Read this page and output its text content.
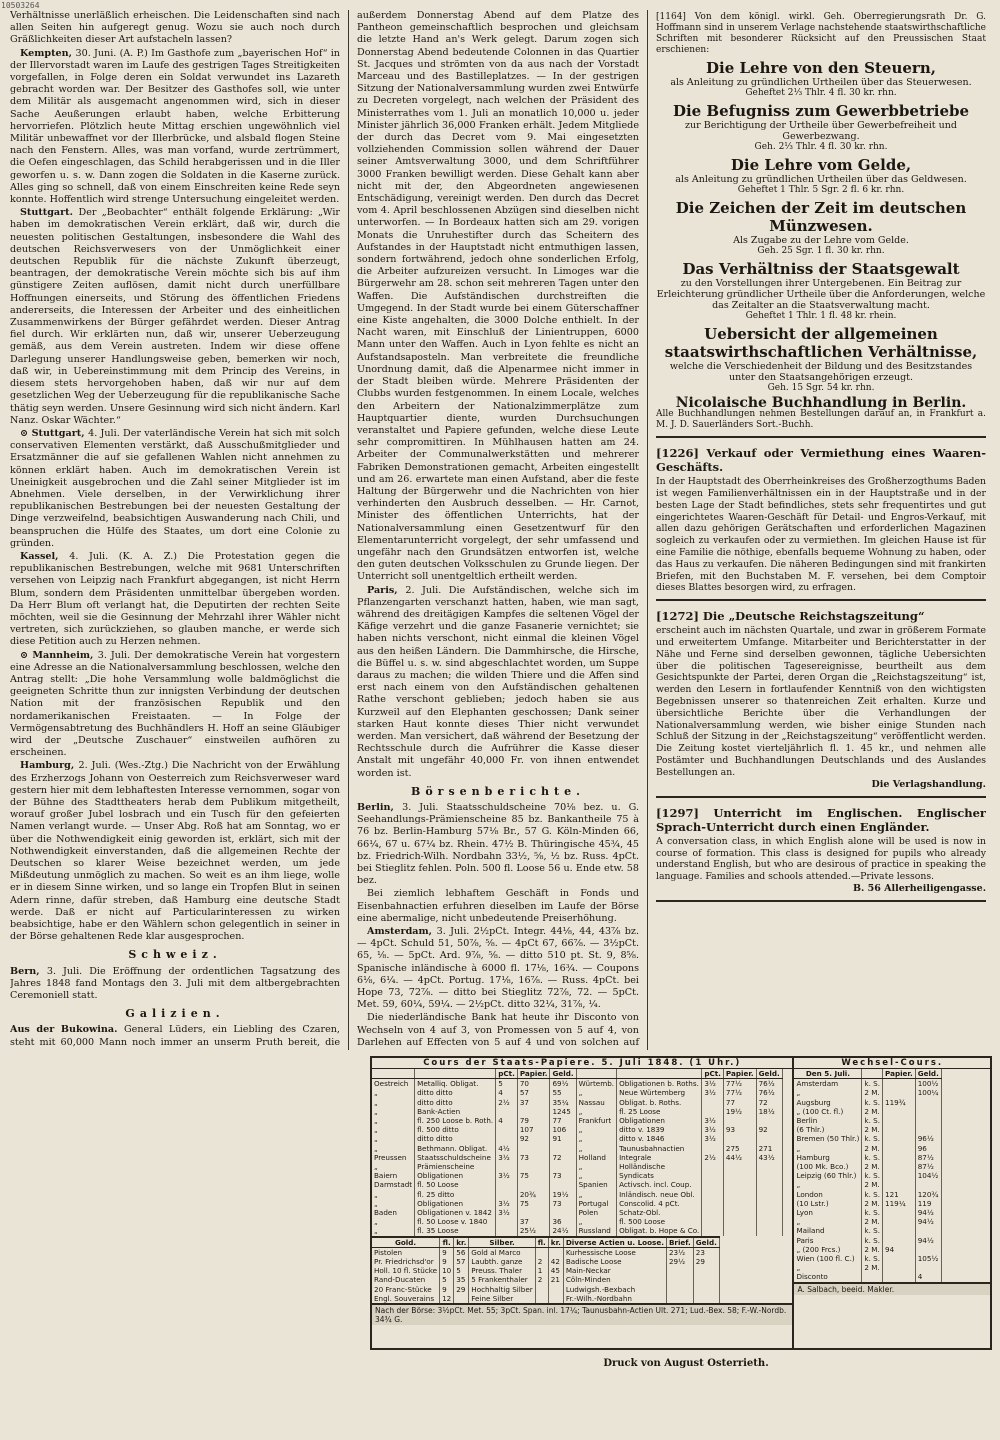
10503264

Verhältnisse unerläßlich erheischen. Die Leidenschaften sind nach allen Seiten hin aufgeregt genug. Wozu sie auch noch durch Gräßlichkeiten dieser Art aufstacheln lassen?

Kempten, 30. Juni. (A. P.) Im Gasthofe zum „bayerischen Hof“ in der Illervorstadt waren im Laufe des gestrigen Tages Streitigkeiten vorgefallen, in Folge deren ein Soldat verwundet ins Lazareth gebracht worden war. Der Besitzer des Gasthofes soll, wie unter dem Militär als ausgemacht angenommen wird, sich in dieser Sache Aeußerungen erlaubt haben, welche Erbitterung hervorriefen. Plötzlich heute Mittag erschien ungewöhnlich viel Militär unbewaffnet vor der Illerbrücke, und alsbald flogen Steine nach den Fenstern. Alles, was man vorfand, wurde zertrümmert, die Oefen eingeschlagen, das Schild herabgerissen und in die Iller geworfen u. s. w. Dann zogen die Soldaten in die Kaserne zurück. Alles ging so schnell, daß von einem Einschreiten keine Rede seyn konnte. Hoffentlich wird strenge Untersuchung eingeleitet werden.

Stuttgart. Der „Beobachter“ enthält folgende Erklärung: „Wir haben im demokratischen Verein erklärt, daß wir, durch die neuesten politischen Gestaltungen, insbesondere die Wahl des deutschen Reichsverwesers von der Unmöglichkeit einer deutschen Republik für die nächste Zukunft überzeugt, beantragen, der demokratische Verein möchte sich bis auf ihm günstigere Zeiten auflösen, damit nicht durch unerfüllbare Hoffnungen einerseits, und Störung des öffentlichen Friedens andererseits, die Interessen der Arbeiter und des einheitlichen Zusammenwirkens der Bürger gefährdet werden. Dieser Antrag fiel durch. Wir erklärten nun, daß wir, unserer Ueberzeugung gemäß, aus dem Verein austreten. Indem wir diese offene Darlegung unserer Handlungsweise geben, bemerken wir noch, daß wir, in Uebereinstimmung mit dem Princip des Vereins, in diesem stets hervorgehoben haben, daß wir nur auf dem gesetzlichen Weg der Ueberzeugung für die republikanische Sache thätig seyn werden. Unsere Gesinnung wird sich nicht ändern. Karl Nanz. Oskar Wächter.“

⊙ Stuttgart, 4. Juli. Der vaterländische Verein hat sich mit solch conservativen Elementen verstärkt, daß Ausschußmitglieder und Ersatzmänner die auf sie gefallenen Wahlen nicht annehmen zu können erklärt haben. Auch im demokratischen Verein ist Uneinigkeit ausgebrochen und die Zahl seiner Mitglieder ist im Abnehmen. Viele derselben, in der Verwirklichung ihrer republikanischen Bestrebungen bei der neuesten Gestaltung der Dinge verzweifelnd, beabsichtigen Auswanderung nach Chili, und beanspruchen die Hülfe des Staates, um dort eine Colonie zu gründen.

Kassel, 4. Juli. (K. A. Z.) Die Protestation gegen die republikanischen Bestrebungen, welche mit 9681 Unterschriften versehen von Leipzig nach Frankfurt abgegangen, ist nicht Herrn Blum, sondern dem Präsidenten unmittelbar übergeben worden. Da Herr Blum oft verlangt hat, die Deputirten der rechten Seite möchten, weil sie die Gesinnung der Mehrzahl ihrer Wähler nicht vertreten, sich zurückziehen, so glauben manche, er werde sich diese Petition auch zu Herzen nehmen.

⊙ Mannheim, 3. Juli. Der demokratische Verein hat vorgestern eine Adresse an die Nationalversammlung beschlossen, welche den Antrag stellt: „Die hohe Versammlung wolle baldmöglichst die geeigneten Schritte thun zur innigsten Verbindung der deutschen Nation mit der französischen Republik und den nordamerikanischen Freistaaten. — In Folge der Vermögensabtretung des Buchhändlers H. Hoff an seine Gläubiger wird der „Deutsche Zuschauer“ einstweilen aufhören zu erscheinen.

Hamburg, 2. Juli. (Wes.-Ztg.) Die Nachricht von der Erwählung des Erzherzogs Johann von Oesterreich zum Reichsverweser ward gestern hier mit dem lebhaftesten Interesse vernommen, sogar von der Bühne des Stadttheaters herab dem Publikum mitgetheilt, worauf großer Jubel losbrach und ein Tusch für den gefeierten Namen verlangt wurde. — Unser Abg. Roß hat am Sonntag, wo er über die Nothwendigkeit einig geworden ist, erklärt, sich mit der Nothwendigkeit einverstanden, daß die allgemeinen Rechte der Deutschen so klarer Weise bezeichnet werden, um jede Mißdeutung unmöglich zu machen. So weit es an ihm liege, wolle er in diesem Sinne wirken, und so lange ein Tropfen Blut in seinen Adern rinne, dafür streben, daß Hamburg eine deutsche Stadt werde. Daß er nicht auf Particularinteressen zu wirken beabsichtige, habe er den Wählern schon gelegentlich in seiner in der Börse gehaltenen Rede klar ausgesprochen.

Schweiz.

Bern, 3. Juli. Die Eröffnung der ordentlichen Tagsatzung des Jahres 1848 fand Montags den 3. Juli mit dem altbergebrachten Ceremoniell statt.

Galizien.

Aus der Bukowina. General Lüders, ein Liebling des Czaren, steht mit 60,000 Mann noch immer an unserm Pruth bereit, die

außerdem Donnerstag Abend auf dem Platze des Pantheon gemeinschaftlich besprochen und gleichsam die letzte Hand an's Werk gelegt. Darum zogen sich Donnerstag Abend bedeutende Colonnen in das Quartier St. Jacques und strömten von da aus nach der Vorstadt Marceau und des Bastilleplatzes. — In der gestrigen Sitzung der Nationalversammlung wurden zwei Entwürfe zu Decreten vorgelegt, nach welchen der Präsident des Ministerrathes vom 1. Juli an monatlich 10,000 u. jeder Minister jährlich 36,000 Franken erhält. Jedem Mitgliede der durch das Decret vom 9. Mai eingesetzten vollziehenden Commission sollen während der Dauer seiner Amtsverwaltung 3000, und dem Schriftführer 3000 Franken bewilligt werden. Diese Gehalt kann aber nicht mit der, den Abgeordneten angewiesenen Entschädigung, vereinigt werden. Den durch das Decret vom 4. April beschlossenen Abzügen sind dieselben nicht unterworfen. — In Bordeaux hatten sich am 29. vorigen Monats die Unruhestifter durch das Scheitern des Aufstandes in der Hauptstadt nicht entmuthigen lassen, sondern fortwährend, jedoch ohne sonderlichen Erfolg, die Arbeiter aufzureizen versucht. In Limoges war die Bürgerwehr am 28. schon seit mehreren Tagen unter den Waffen. Die Aufständischen durchstreiften die Umgegend. In der Stadt wurde bei einem Güterschaffner eine Kiste angehalten, die 3000 Dolche enthielt. In der Nacht waren, mit Einschluß der Linientruppen, 6000 Mann unter den Waffen. Auch in Lyon fehlte es nicht an Aufstandsaposteln. Man verbreitete die freundliche Unordnung damit, daß die Alpenarmee nicht immer in der Stadt bleiben würde. Mehrere Präsidenten der Clubbs wurden festgenommen. In einem Locale, welches den Arbeitern der Nationalzimmerplätze zum Hauptquartier diente, wurden Durchsuchungen veranstaltet und Papiere gefunden, welche diese Leute sehr compromittiren. In Mühlhausen hatten am 24. Arbeiter der Communalwerkstätten und mehrerer Fabriken Demonstrationen gemacht, Arbeiten eingestellt und am 26. erwartete man einen Aufstand, aber die feste Haltung der Bürgerwehr und die Nachrichten von hier verhinderten den Ausbruch desselben. — Hr. Carnot, Minister des öffentlichen Unterrichts, hat der Nationalversammlung einen Gesetzentwurf für den Elementarunterricht vorgelegt, der sehr umfassend und ungefähr nach den Grundsätzen entworfen ist, welche den guten deutschen Volksschulen zu Grunde liegen. Der Unterricht soll unentgeltlich ertheilt werden.

Paris, 2. Juli. Die Aufständischen, welche sich im Pflanzengarten verschanzt hatten, haben, wie man sagt, während des dreitägigen Kampfes die seltenen Vögel der Käfige verzehrt und die ganze Fasanerie vernichtet; sie haben nichts verschont, nicht einmal die kleinen Vögel aus den heißen Ländern. Die Dammhirsche, die Hirsche, die Büffel u. s. w. sind abgeschlachtet worden, um Suppe daraus zu machen; die wilden Thiere und die Affen sind erst nach einem von den Aufständischen gehaltenen Rathe verschont geblieben; jedoch haben sie aus Kurzweil auf den Elephanten geschossen; Dank seiner starken Haut konnte dieses Thier nicht verwundet werden. Man versichert, daß während der Besetzung der Rechtsschule durch die Aufrührer die Kasse dieser Anstalt mit ungefähr 40,000 Fr. von ihnen entwendet worden ist.

Börsenberichte.

Berlin, 3. Juli. Staatsschuldscheine 70⅛ bez. u. G. Seehandlungs-Prämienscheine 85 bz. Bankantheile 75 à 76 bz. Berlin-Hamburg 57⅛ Br., 57 G. Köln-Minden 66, 66¼, 67 u. 67¼ bz. Rhein. 47½ B. Thüringische 45¾, 45 bz. Friedrich-Wilh. Nordbahn 33½, ⅝, ½ bz. Russ. 4pCt. bei Stieglitz fehlen. Poln. 500 fl. Loose 56 u. Ende etw. 58 bez.

Bei ziemlich lebhaftem Geschäft in Fonds und Eisenbahnactien erfuhren dieselben im Laufe der Börse eine abermalige, nicht unbedeutende Preiserhöhung.

Amsterdam, 3. Juli. 2½pCt. Integr. 44⅛, 44, 43⅞ bz. — 4pCt. Schuld 51, 50⅞, ⅝. — 4pCt 67, 66⅞. — 3½pCt. 65, ⅛. — 5pCt. Ard. 9⅞, ⅝. — ditto 510 pt. St. 9, 8⅝. Spanische inländische à 6000 fl. 17⅛, 16¾. — Coupons 6⅛, 6¼. — 4pCt. Portug. 17⅛, 16⅞. — Russ. 4pCt. bei Hope 73, 72⅞. — ditto bei Stieglitz 72⅞, 72. — 5pCt. Met. 59, 60¼, 59¼. — 2½pCt. ditto 32¼, 31⅞, ¼.

Die niederländische Bank hat heute ihr Disconto von Wechseln von 4 auf 3, von Promessen von 5 auf 4, von Darlehen auf Effecten von 5 auf 4 und von solchen auf

[1164] Von dem königl. wirkl. Geh. Oberregierungsrath Dr. G. Hoffmann sind in unserem Verlage nachstehende staatswirthschaftliche Schriften mit besonderer Rücksicht auf den Preussischen Staat erschienen:
Die Lehre von den Steuern,
als Anleitung zu gründlichen Urtheilen über das Steuerwesen.
Geheftet 2⅓ Thlr. 4 fl. 30 kr. rhn.
Die Befugniss zum Gewerbbetriebe
zur Berichtigung der Urtheile über Gewerbefreiheit und Gewerbezwang.
Geh. 2⅓ Thlr. 4 fl. 30 kr. rhn.
Die Lehre vom Gelde,
als Anleitung zu gründlichen Urtheilen über das Geldwesen.
Geheftet 1 Thlr. 5 Sgr. 2 fl. 6 kr. rhn.
Die Zeichen der Zeit im deutschen Münzwesen.
Als Zugabe zu der Lehre vom Gelde.
Geh. 25 Sgr. 1 fl. 30 kr. rhn.
Das Verhältniss der Staatsgewalt
zu den Vorstellungen ihrer Untergebenen. Ein Beitrag zur Erleichterung gründlicher Urtheile über die Anforderungen, welche das Zeitalter an die Staatsverwaltung macht.
Geheftet 1 Thlr. 1 fl. 48 kr. rhein.
Uebersicht der allgemeinen staatswirthschaftlichen Verhältnisse,
welche die Verschiedenheit der Bildung und des Besitzstandes unter den Staatsangehörigen erzeugt.
Geh. 15 Sgr. 54 kr. rhn.
Nicolaische Buchhandlung in Berlin.
Alle Buchhandlungen nehmen Bestellungen darauf an, in Frankfurt a. M. J. D. Sauerländers Sort.-Buchh.
[1226] Verkauf oder Vermiethung eines Waaren-Geschäfts.
In der Hauptstadt des Oberrheinkreises des Großherzogthums Baden ist wegen Familienverhältnissen ein in der Hauptstraße und in der besten Lage der Stadt befindliches, stets sehr frequentirtes und gut eingerichtetes Waaren-Geschäft für Detail- und Engros-Verkauf, mit allen dazu gehörigen Gerätschaften und erforderlichen Magazinen sogleich zu verkaufen oder zu vermiethen. Im gleichen Hause ist für eine Familie die nöthige, ebenfalls bequeme Wohnung zu haben, oder das Haus zu verkaufen. Die näheren Bedingungen sind mit frankirten Briefen, mit den Buchstaben M. F. versehen, bei dem Comptoir dieses Blattes besorgen wird, zu erfragen.
[1272] Die „Deutsche Reichstagszeitung“
erscheint auch im nächsten Quartale, und zwar in größerem Formate und erweitertem Umfange. Mitarbeiter und Berichterstatter in der Nähe und Ferne sind derselben gewonnen, tägliche Uebersichten über die politischen Tagesereignisse, beurtheilt aus dem Gesichtspunkte der Partei, deren Organ die „Reichstagszeitung“ ist, werden den Lesern in fortlaufender Kenntniß von den wichtigsten Begebnissen unserer so thatenreichen Zeit erhalten. Kurze und übersichtliche Berichte über die Verhandlungen der Nationalversammlung werden, wie bisher einige Stunden nach Schluß der Sitzung in der „Reichstagszeitung“ veröffentlicht werden. Die Zeitung kostet vierteljährlich fl. 1. 45 kr., und nehmen alle Postämter und Buchhandlungen Deutschlands und des Auslandes Bestellungen an.
Die Verlagshandlung.
[1297] Unterricht im Englischen. Englischer Sprach-Unterricht durch einen Engländer.
A conversation class, in which English alone will be used is now in course of formation. This class is designed for pupils who already understand English, but who are desirous of practice in speaking the language. Families and schools attended.—Private lessons.
B. 56 Allerheiligengasse.
Cours der Staats-Papiere. 5. Juli 1848. (1 Uhr.)
		pCt.	Papier.	Geld.			pCt.	Papier.	Geld.
Oestreich	Metalliq. Obligat.	5	70	69½	Würtemb.	Obligationen b. Roths.	3½	77½	76½
„	ditto ditto	4	57	55	„	Neue Würtemberg	3½	77½	76½
„	ditto ditto	2½	37	35¼	Nassau	Obligat. b. Roths.		77	72
„	Bank-Actien			1245	„	fl. 25 Loose		19½	18½
„	fl. 250 Loose b. Roth.	4	79	77	Frankfurt	Obligationen	3½		
„	fl. 500 ditto		107	106	„	ditto v. 1839	3½	93	92
„	ditto ditto		92	91	„	ditto v. 1846	3½		
„	Bethmann. Obligat.	4½			„	Taunusbahnactien		275	271
Preussen	Staatsschuldscheine	3½	73	72	Holland	Integrale	2½	44½	43½
„	Prämienscheine				„	Holländische			
Baiern	Obligationen	3½	75	73	„	Syndicats			
Darmstadt	fl. 50 Loose				Spanien	Activsch. incl. Coup.			
„	fl. 25 ditto		20¾	19½	„	Inländisch. neue Obl.			
„	Obligationen	3½	75	73	Portugal	Conscolid. 4 pCt.			
Baden	Obligationen v. 1842	3½			Polen	Schatz-Obl.			
„	fl. 50 Loose v. 1840		37	36	„	fl. 500 Loose			
„	fl. 35 Loose		25½	24½	Russland	Obligat. b. Hope & Co.			
Gold.	fl.	kr.	Silber.	fl.	kr.	Diverse Actien u. Loose.	Brief.	Geld.
Pistolen	9	56	Gold al Marco			Kurhessische Loose	23½	23
Pr. Friedrichsd'or	9	57	Laubth. ganze	2	42	Badische Loose	29½	29
Holl. 10 fl. Stücke	10	5	Preuss. Thaler	1	45	Main-Neckar		
Rand-Ducaten	5	35	5 Frankenthaler	2	21	Cöln-Minden		
20 Franc-Stücke	9	29	Hochhaltig Silber			Ludwigsh.-Bexbach		
Engl. Souverains	12		Feine Silber			Fr.-Wilh.-Nordbahn		
Nach der Börse: 3½pCt. Met. 55; 3pCt. Span. inl. 17¼; Taunusbahn-Actien Ult. 271; Lud.-Bex. 58; F.-W.-Nordb. 34¾ G.
Wechsel-Cours.
Den 5. Juli.		Papier.	Geld.
Amsterdam	k. S.		100½
„	2 M.		100¼
Augsburg	k. S.	119¾	
„ (100 Ct. fl.)	2 M.		
Berlin	k. S.		
(6 Thlr.)	2 M.		
Bremen (50 Thlr.)	k. S.		96½
„	2 M.		96
Hamburg	k. S.		87½
(100 Mk. Bco.)	2 M.		87½
Leipzig (60 Thlr.)	k. S.		104½
„	2 M.		
London	k. S.	121	120¾
(10 Lstr.)	2 M.	119¼	119
Lyon	k. S.		94½
„	2 M.		94½
Mailand	k. S.		
Paris	k. S.		94½
„ (200 Frcs.)	2 M.	94	
Wien (100 fl. C.)	k. S.		105½
„	2 M.		
Disconto			4
A. Salbach, beeid. Makler.
Druck von August Osterrieth.
